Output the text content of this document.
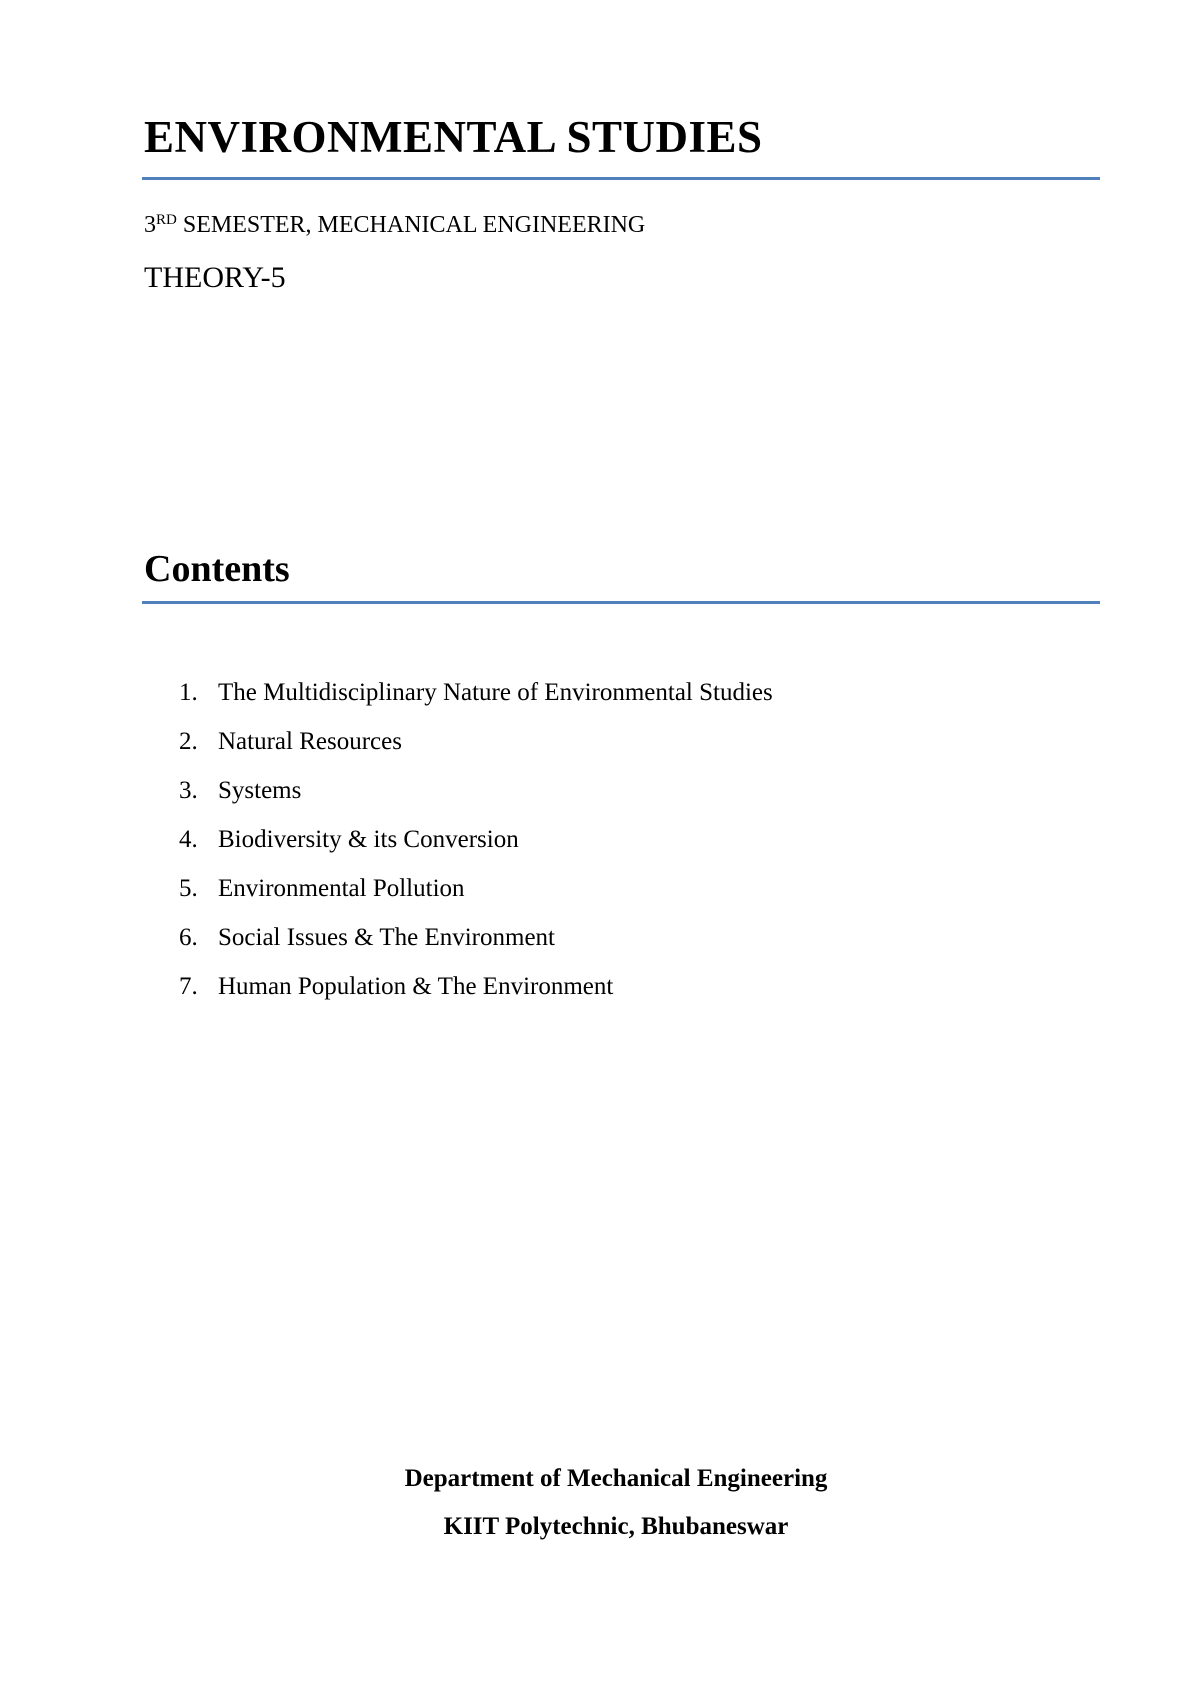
ENVIRONMENTAL STUDIES
3RD SEMESTER, MECHANICAL ENGINEERING
THEORY-5
Contents
1. The Multidisciplinary Nature of Environmental Studies
2. Natural Resources
3. Systems
4. Biodiversity & its Conversion
5. Environmental Pollution
6. Social Issues & The Environment
7. Human Population & The Environment
Department of Mechanical Engineering
KIIT Polytechnic, Bhubaneswar
